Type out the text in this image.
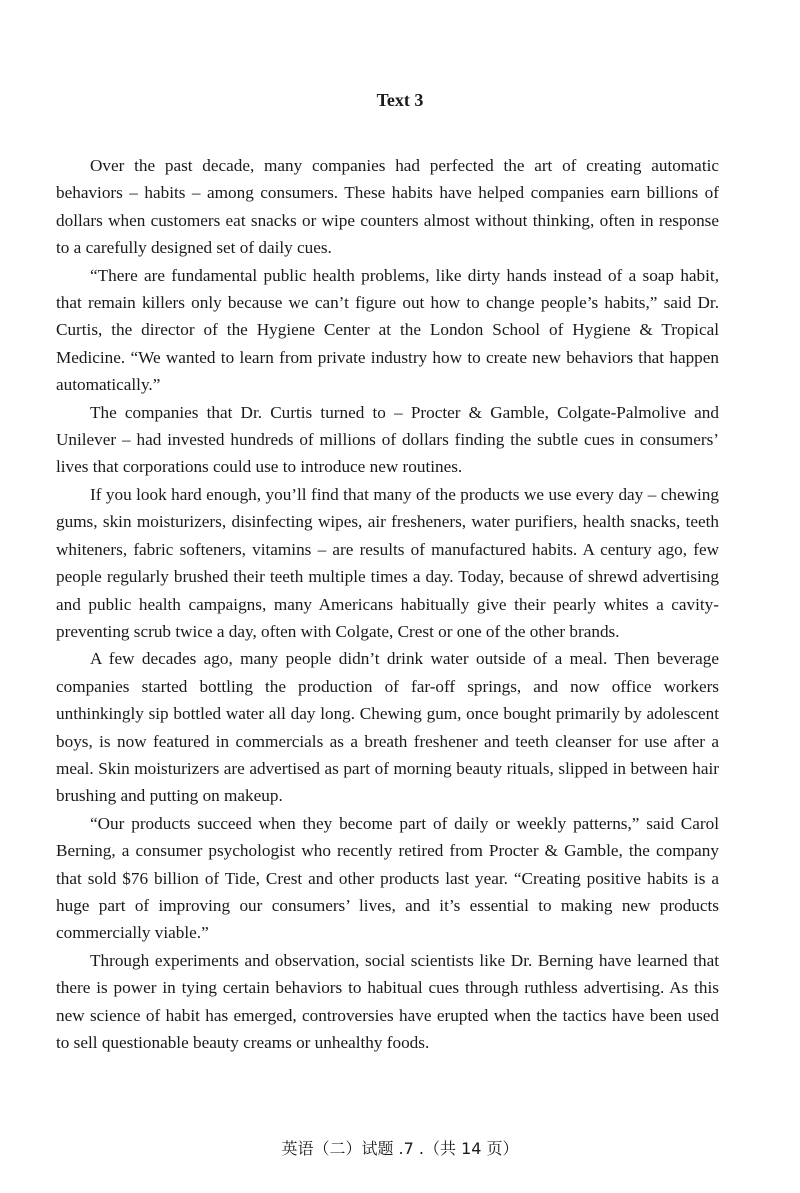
Text 3

Over the past decade, many companies had perfected the art of creating automatic behaviors – habits – among consumers. These habits have helped companies earn billions of dollars when customers eat snacks or wipe counters almost without thinking, often in response to a carefully designed set of daily cues.

“There are fundamental public health problems, like dirty hands instead of a soap habit, that remain killers only because we can’t figure out how to change people’s habits,” said Dr. Curtis, the director of the Hygiene Center at the London School of Hygiene & Tropical Medicine. “We wanted to learn from private industry how to create new behaviors that happen automatically.”

The companies that Dr. Curtis turned to – Procter & Gamble, Colgate-Palmolive and Unilever – had invested hundreds of millions of dollars finding the subtle cues in consumers’ lives that corporations could use to introduce new routines.

If you look hard enough, you’ll find that many of the products we use every day – chewing gums, skin moisturizers, disinfecting wipes, air fresheners, water purifiers, health snacks, teeth whiteners, fabric softeners, vitamins – are results of manufactured habits. A century ago, few people regularly brushed their teeth multiple times a day. Today, because of shrewd advertising and public health campaigns, many Americans habitually give their pearly whites a cavity-preventing scrub twice a day, often with Colgate, Crest or one of the other brands.

A few decades ago, many people didn’t drink water outside of a meal. Then beverage companies started bottling the production of far-off springs, and now office workers unthinkingly sip bottled water all day long. Chewing gum, once bought primarily by adolescent boys, is now featured in commercials as a breath freshener and teeth cleanser for use after a meal. Skin moisturizers are advertised as part of morning beauty rituals, slipped in between hair brushing and putting on makeup.

“Our products succeed when they become part of daily or weekly patterns,” said Carol Berning, a consumer psychologist who recently retired from Procter & Gamble, the company that sold $76 billion of Tide, Crest and other products last year. “Creating positive habits is a huge part of improving our consumers’ lives, and it’s essential to making new products commercially viable.”

Through experiments and observation, social scientists like Dr. Berning have learned that there is power in tying certain behaviors to habitual cues through ruthless advertising. As this new science of habit has emerged, controversies have erupted when the tactics have been used to sell questionable beauty creams or unhealthy foods.

英语（二）试题 .7 .（共 14 页）
